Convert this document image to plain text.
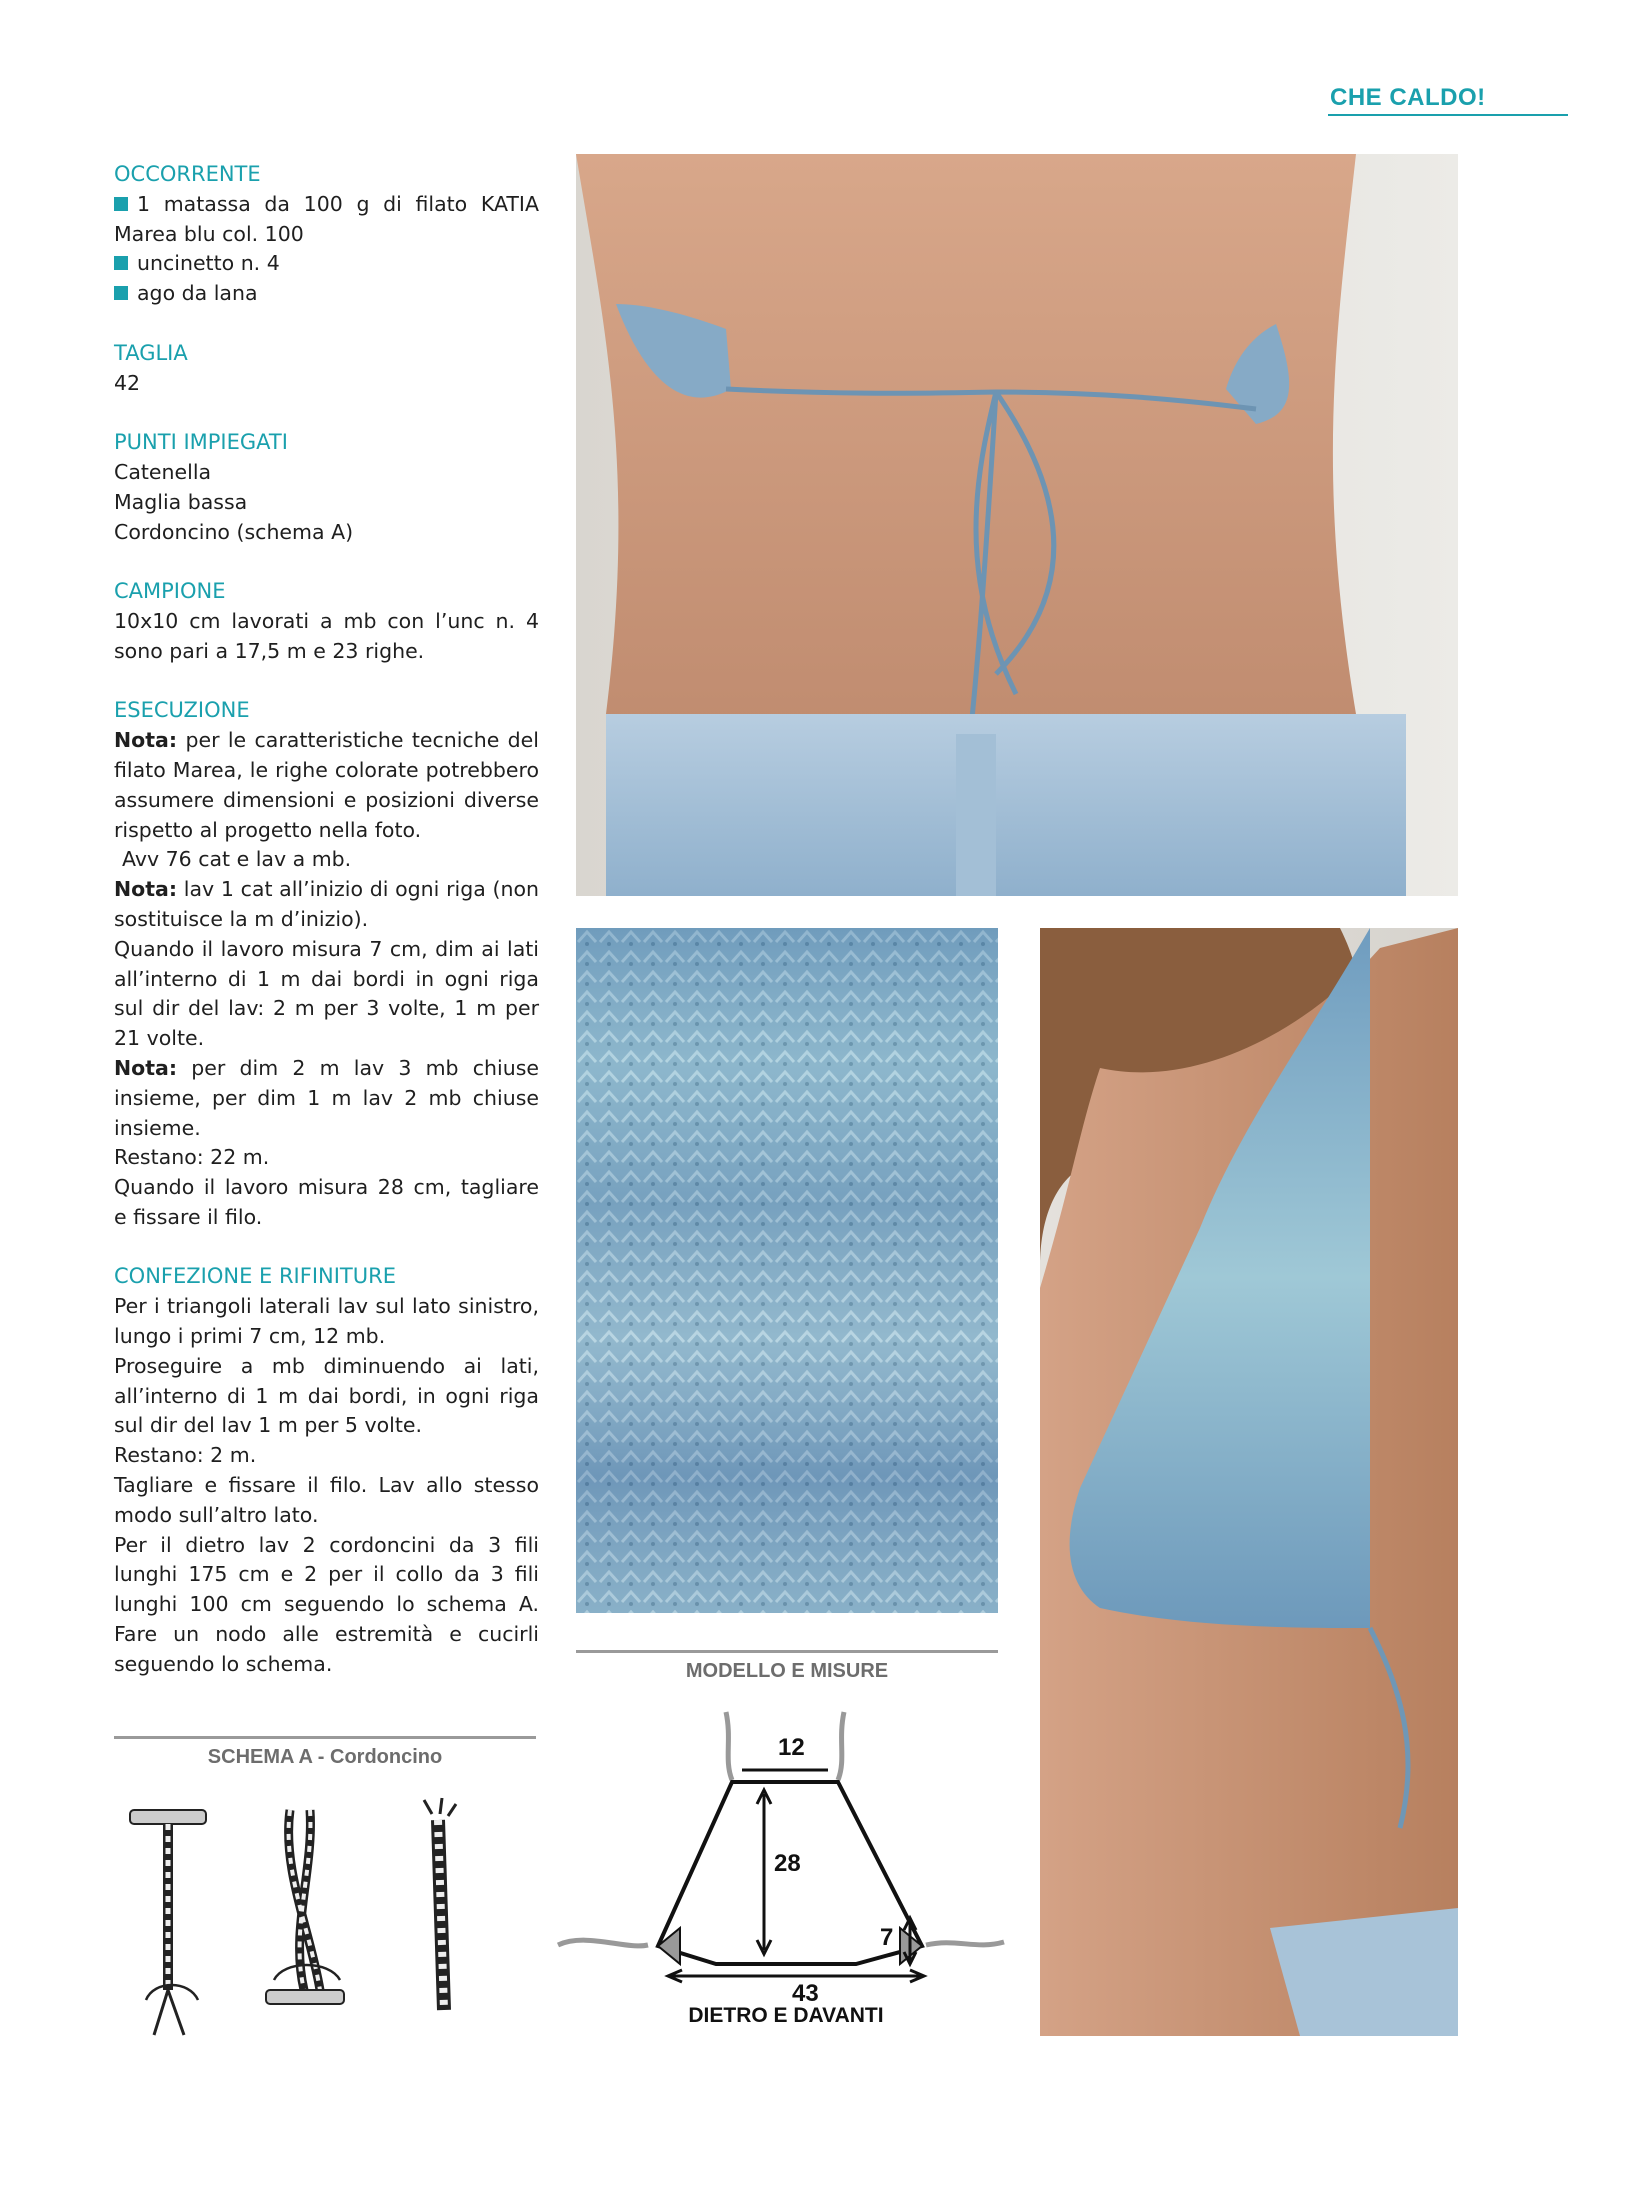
CHE CALDO!
OCCORRENTE

1 matassa da 100 g di filato KATIA Marea blu col. 100

uncinetto n. 4

ago da lana

TAGLIA

42

PUNTI IMPIEGATI

Catenella

Maglia bassa

Cordoncino (schema A)

CAMPIONE

10x10 cm lavorati a mb con l’unc n. 4 sono pari a 17,5 m e 23 righe.

ESECUZIONE

Nota: per le caratteristiche tecniche del filato Marea, le righe colorate potrebbero assumere dimensioni e posizioni diverse rispetto al progetto nella foto.

Avv 76 cat e lav a mb.

Nota: lav 1 cat all’inizio di ogni riga (non sostituisce la m d’inizio).

Quando il lavoro misura 7 cm, dim ai lati all’interno di 1 m dai bordi in ogni riga sul dir del lav: 2 m per 3 volte, 1 m per 21 volte.

Nota: per dim 2 m lav 3 mb chiuse insieme, per dim 1 m lav 2 mb chiuse insieme.

Restano: 22 m.

Quando il lavoro misura 28 cm, tagliare e fissare il filo.

CONFEZIONE E RIFINITURE

Per i triangoli laterali lav sul lato sinistro, lungo i primi 7 cm, 12 mb.

Proseguire a mb diminuendo ai lati, all’interno di 1 m dai bordi, in ogni riga sul dir del lav 1 m per 5 volte.

Restano: 2 m.

Tagliare e fissare il filo. Lav allo stesso modo sull’altro lato.

Per il dietro lav 2 cordoncini da 3 fili lunghi 175 cm e 2 per il collo da 3 fili lunghi 100 cm seguendo lo schema A. Fare un nodo alle estremità e cucirli seguendo lo schema.

SCHEMA A - Cordoncino
MODELLO E MISURE
12
28
7
43
DIETRO E DAVANTI
